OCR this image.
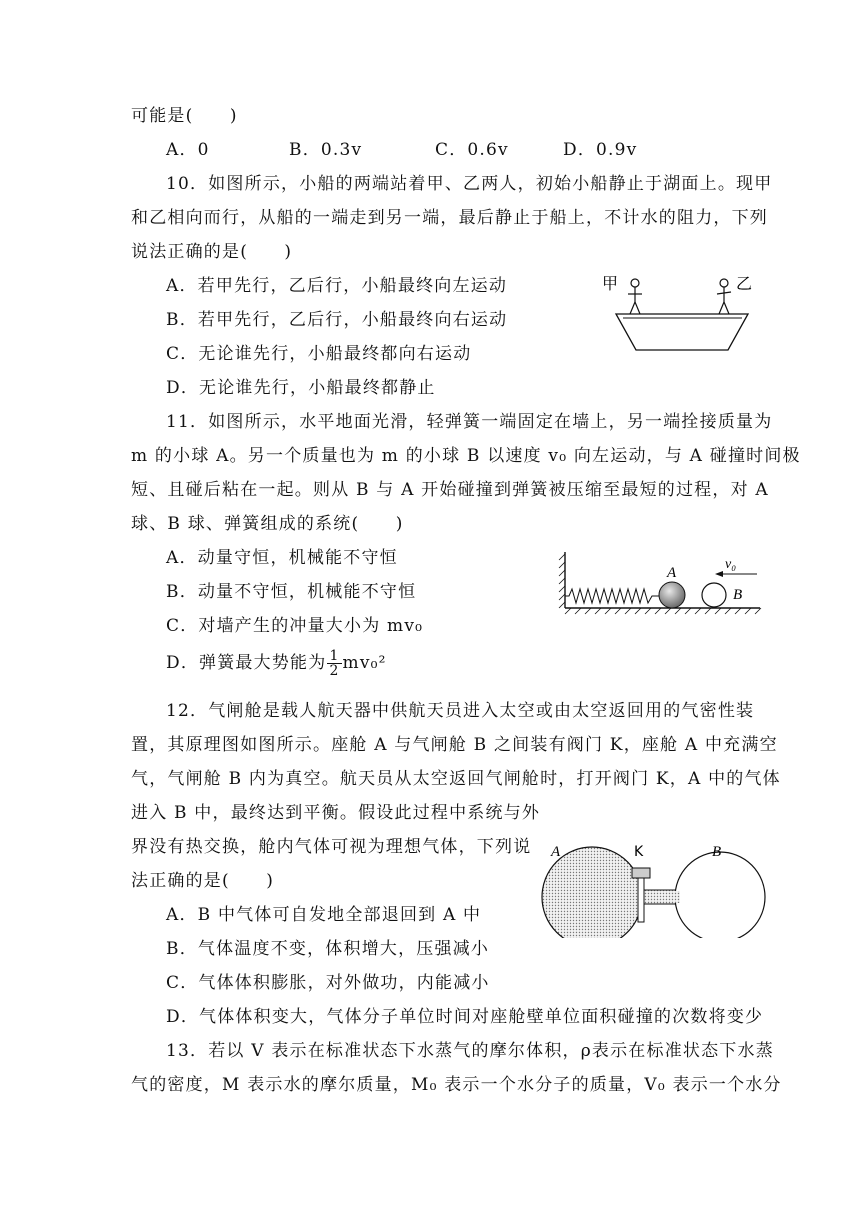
可能是(　　)
A．0	B．0.3v	C．0.6v	D．0.9v
10．如图所示，小船的两端站着甲、乙两人，初始小船静止于湖面上。现甲
和乙相向而行，从船的一端走到另一端，最后静止于船上，不计水的阻力，下列
说法正确的是(　　)
A．若甲先行，乙后行，小船最终向左运动
B．若甲先行，乙后行，小船最终向右运动
C．无论谁先行，小船最终都向右运动
D．无论谁先行，小船最终都静止
甲	乙
11．如图所示，水平地面光滑，轻弹簧一端固定在墙上，另一端拴接质量为
m 的小球 A。另一个质量也为 m 的小球 B 以速度 v₀ 向左运动，与 A 碰撞时间极
短、且碰后粘在一起。则从 B 与 A 开始碰撞到弹簧被压缩至最短的过程，对 A
球、B 球、弹簧组成的系统(　　)
A．动量守恒，机械能不守恒
B．动量不守恒，机械能不守恒
C．对墙产生的冲量大小为 mv₀
D．弹簧最大势能为 $\frac{1}{2} mv_0^2$
A
B
v₀
12．气闸舱是载人航天器中供航天员进入太空或由太空返回用的气密性装
置，其原理图如图所示。座舱 A 与气闸舱 B 之间装有阀门 K，座舱 A 中充满空
气，气闸舱 B 内为真空。航天员从太空返回气闸舱时，打开阀门 K，A 中的气体
进入 B 中，最终达到平衡。假设此过程中系统与外
界没有热交换，舱内气体可视为理想气体，下列说
法正确的是(　　)
A．B 中气体可自发地全部退回到 A 中
B．气体温度不变，体积增大，压强减小
C．气体体积膨胀，对外做功，内能减小
D．气体体积变大，气体分子单位时间对座舱壁单位面积碰撞的次数将变少
A	K	B
13．若以 V 表示在标准状态下水蒸气的摩尔体积，ρ表示在标准状态下水蒸
气的密度，M 表示水的摩尔质量，M₀ 表示一个水分子的质量，V₀ 表示一个水分
